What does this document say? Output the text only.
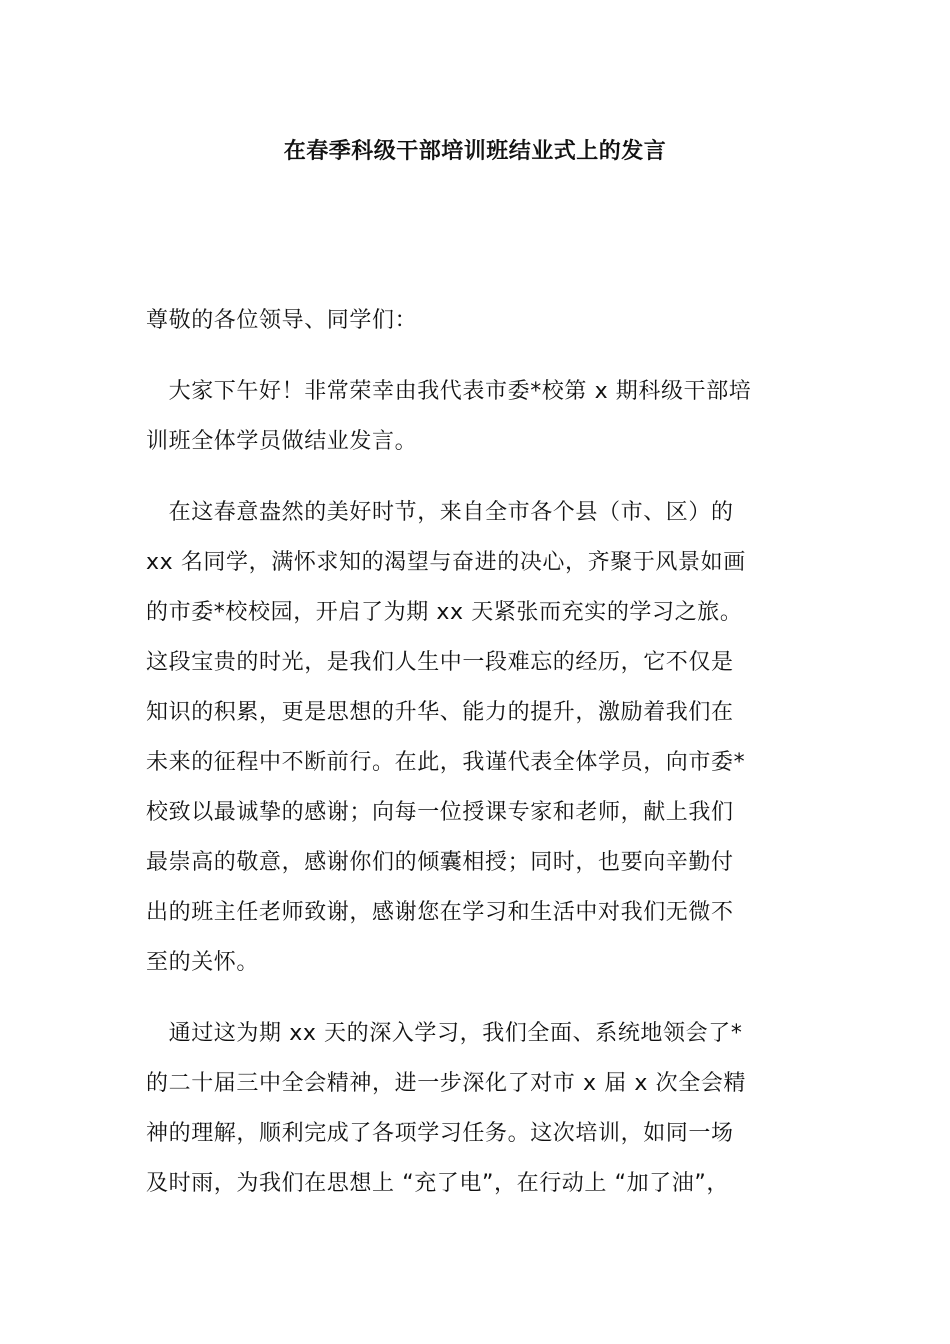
在春季科级干部培训班结业式上的发言
尊敬的各位领导、同学们：
　大家下午好！非常荣幸由我代表市委*校第 x 期科级干部培
训班全体学员做结业发言。
　在这春意盎然的美好时节，来自全市各个县（市、区）的
xx 名同学，满怀求知的渴望与奋进的决心，齐聚于风景如画
的市委*校校园，开启了为期 xx 天紧张而充实的学习之旅。
这段宝贵的时光，是我们人生中一段难忘的经历，它不仅是
知识的积累，更是思想的升华、能力的提升，激励着我们在
未来的征程中不断前行。在此，我谨代表全体学员，向市委*
校致以最诚挚的感谢；向每一位授课专家和老师，献上我们
最崇高的敬意，感谢你们的倾囊相授；同时，也要向辛勤付
出的班主任老师致谢，感谢您在学习和生活中对我们无微不
至的关怀。
　通过这为期 xx 天的深入学习，我们全面、系统地领会了*
的二十届三中全会精神，进一步深化了对市 x 届 x 次全会精
神的理解，顺利完成了各项学习任务。这次培训，如同一场
及时雨，为我们在思想上 “充了电”，在行动上 “加了油”，
